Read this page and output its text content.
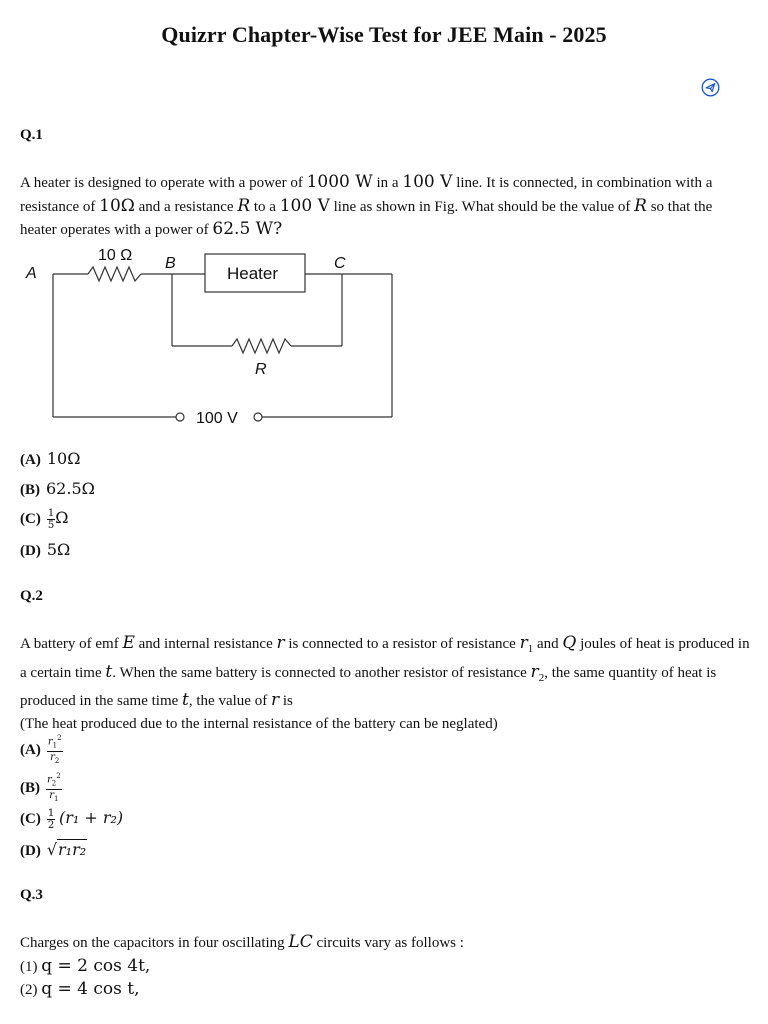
Quizrr Chapter-Wise Test for JEE Main - 2025
Q.1
A heater is designed to operate with a power of 1000 W in a 100 V line. It is connected, in combination with a resistance of 10Ω and a resistance R to a 100 V line as shown in Fig. What should be the value of R so that the heater operates with a power of 62.5 W?
10 Ω
A
B	C
Heater
R
100 V
(A) 10Ω
(B) 62.5Ω
$(C) \frac{1}{5}$ Ω
(D) 5Ω
Q.2
A battery of emf E and internal resistance r is connected to a resistor of resistance $r_1$ and Q joules of heat is produced in a certain time t. When the same battery is connected to another resistor of resistance $r_2$, the same quantity of heat is produced in the same time t, the value of r is
(The heat produced due to the internal resistance of the battery can be neglated)
$(A) \frac{r_1^2}{r_2}$
$(B) \frac{r_2^2}{r_1}$
$(C) \frac{1}{2} (r_1 + r_2)$
(D) √r₁r₂
Q.3
Charges on the capacitors in four oscillating LC circuits vary as follows :
(1) q = 2 cos 4t,
(2) q = 4 cos t,
